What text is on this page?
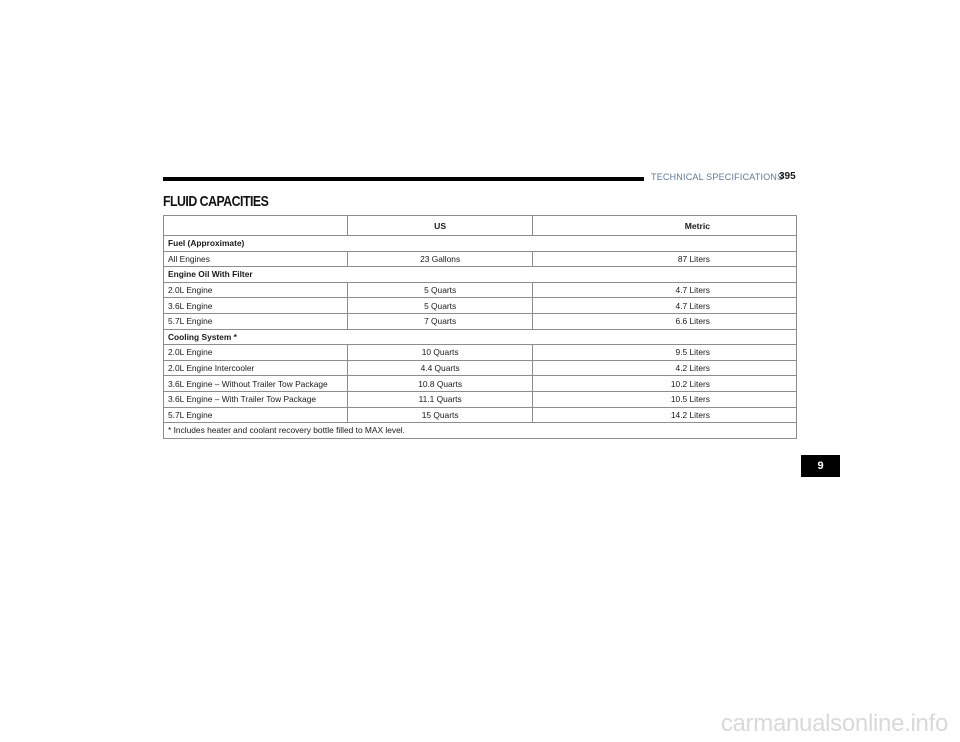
TECHNICAL SPECIFICATIONS
395
FLUID CAPACITIES
	US	Metric
Fuel (Approximate)		
All Engines	23 Gallons	87 Liters
Engine Oil With Filter		
2.0L Engine	5 Quarts	4.7 Liters
3.6L Engine	5 Quarts	4.7 Liters
5.7L Engine	7 Quarts	6.6 Liters
Cooling System *		
2.0L Engine	10 Quarts	9.5 Liters
2.0L Engine Intercooler	4.4 Quarts	4.2 Liters
3.6L Engine – Without Trailer Tow Package	10.8 Quarts	10.2 Liters
3.6L Engine – With Trailer Tow Package	11.1 Quarts	10.5 Liters
5.7L Engine	15 Quarts	14.2 Liters
* Includes heater and coolant recovery bottle filled to MAX level.		
9
carmanualsonline.info
